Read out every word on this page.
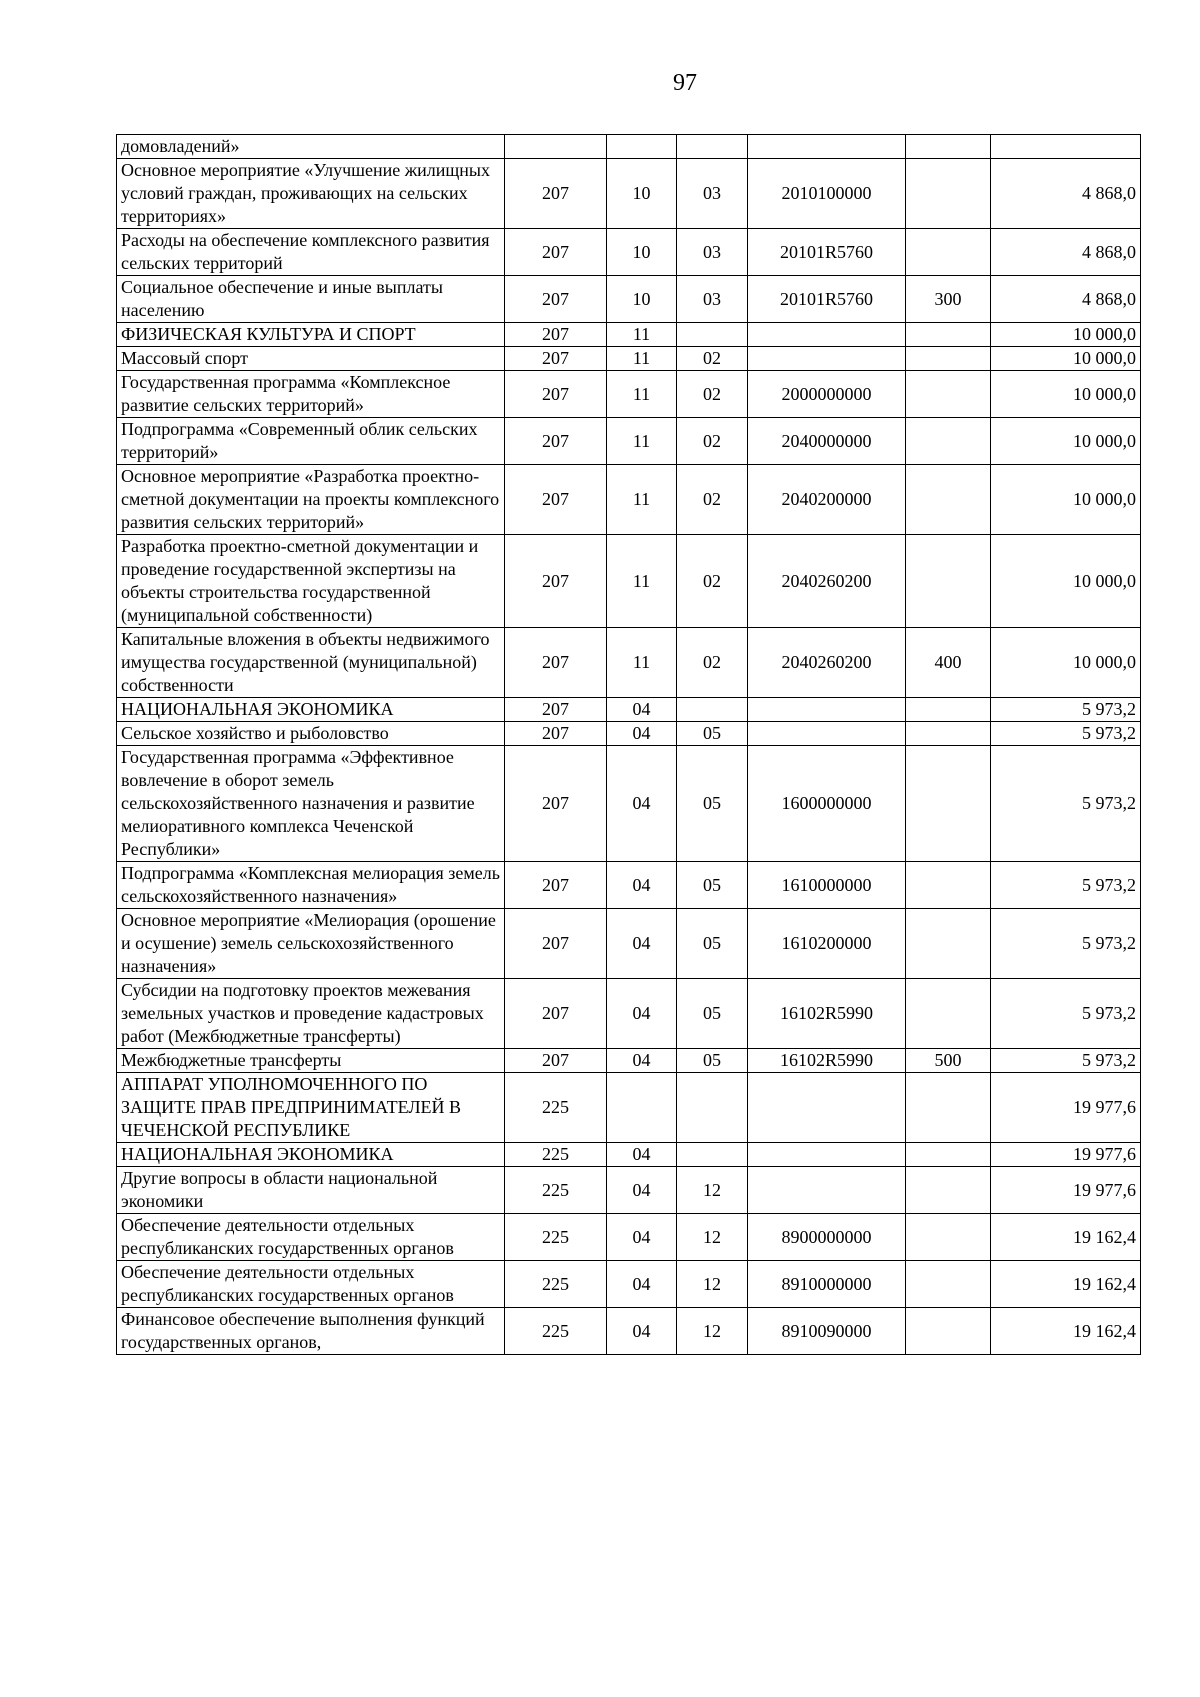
97
домовладений»						
Основное мероприятие «Улучшение жилищных условий граждан, проживающих на сельских территориях»	207	10	03	2010100000		4 868,0
Расходы на обеспечение комплексного развития сельских территорий	207	10	03	20101R5760		4 868,0
Социальное обеспечение и иные выплаты населению	207	10	03	20101R5760	300	4 868,0
ФИЗИЧЕСКАЯ КУЛЬТУРА И СПОРТ	207	11				10 000,0
Массовый спорт	207	11	02			10 000,0
Государственная программа «Комплексное развитие сельских территорий»	207	11	02	2000000000		10 000,0
Подпрограмма «Современный облик сельских территорий»	207	11	02	2040000000		10 000,0
Основное мероприятие «Разработка проектно- сметной документации на проекты комплексного развития сельских территорий»	207	11	02	2040200000		10 000,0
Разработка проектно-сметной документации и проведение государственной экспертизы на объекты строительства государственной (муниципальной собственности)	207	11	02	2040260200		10 000,0
Капитальные вложения в объекты недвижимого имущества государственной (муниципальной) собственности	207	11	02	2040260200	400	10 000,0
НАЦИОНАЛЬНАЯ ЭКОНОМИКА	207	04				5 973,2
Сельское хозяйство и рыболовство	207	04	05			5 973,2
Государственная программа «Эффективное вовлечение в оборот земель сельскохозяйственного назначения и развитие мелиоративного комплекса Чеченской Республики»	207	04	05	1600000000		5 973,2
Подпрограмма «Комплексная мелиорация земель сельскохозяйственного назначения»	207	04	05	1610000000		5 973,2
Основное мероприятие «Мелиорация (орошение и осушение) земель сельскохозяйственного назначения»	207	04	05	1610200000		5 973,2
Субсидии на подготовку проектов межевания земельных участков и проведение кадастровых работ (Межбюджетные трансферты)	207	04	05	16102R5990		5 973,2
Межбюджетные трансферты	207	04	05	16102R5990	500	5 973,2
АППАРАТ УПОЛНОМОЧЕННОГО ПО ЗАЩИТЕ ПРАВ ПРЕДПРИНИМАТЕЛЕЙ В ЧЕЧЕНСКОЙ РЕСПУБЛИКЕ	225					19 977,6
НАЦИОНАЛЬНАЯ ЭКОНОМИКА	225	04				19 977,6
Другие вопросы в области национальной экономики	225	04	12			19 977,6
Обеспечение деятельности отдельных республиканских государственных органов	225	04	12	8900000000		19 162,4
Обеспечение деятельности отдельных республиканских государственных органов	225	04	12	8910000000		19 162,4
Финансовое обеспечение выполнения функций государственных органов,	225	04	12	8910090000		19 162,4
